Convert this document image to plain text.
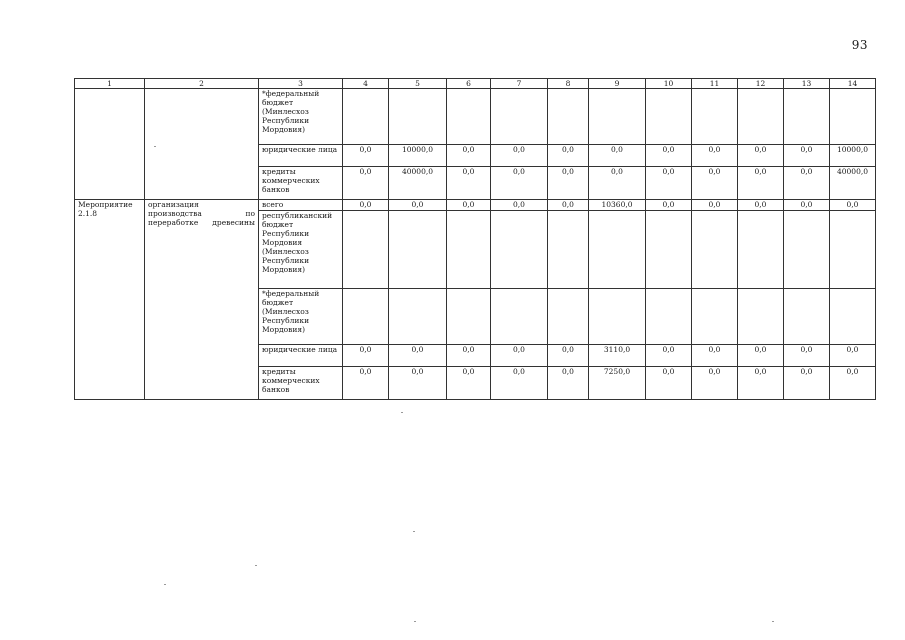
93
1	2	3	4	5	6	7	8	9	10	11	12	13	14
		*федеральный бюджет (Минлесхоз Республики Мордовия)											
		юридические лица	0,0	10000,0	0,0	0,0	0,0	0,0	0,0	0,0	0,0	0,0	10000,0
		кредиты коммерческих банков	0,0	40000,0	0,0	0,0	0,0	0,0	0,0	0,0	0,0	0,0	40000,0
Мероприятие 2.1.8	организация производства по переработке древесины	всего	0,0	0,0	0,0	0,0	0,0	10360,0	0,0	0,0	0,0	0,0	0,0
		республиканский бюджет Республики Мордовия (Минлесхоз Республики Мордовия)											
		*федеральный бюджет (Минлесхоз Республики Мордовия)											
		юридические лица	0,0	0,0	0,0	0,0	0,0	3110,0	0,0	0,0	0,0	0,0	0,0
		кредиты коммерческих банков	0,0	0,0	0,0	0,0	0,0	7250,0	0,0	0,0	0,0	0,0	0,0
